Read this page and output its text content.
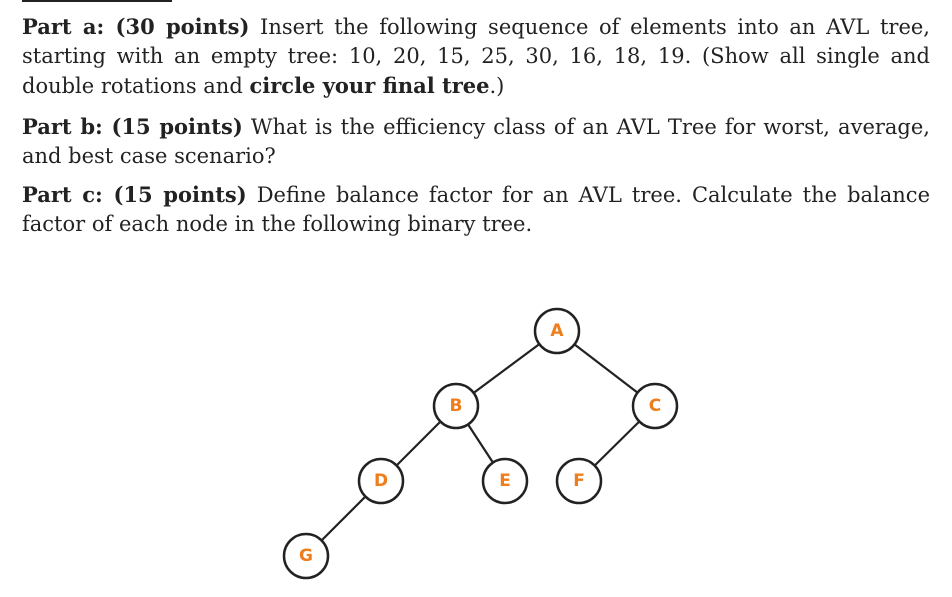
Part a: (30 points) Insert the following sequence of elements into an AVL tree, starting with an empty tree: 10, 20, 15, 25, 30, 16, 18, 19. (Show all single and double rotations and circle your final tree.)

Part b: (15 points) What is the efficiency class of an AVL Tree for worst, average, and best case scenario?

Part c: (15 points) Define balance factor for an AVL tree. Calculate the balance factor of each node in the following binary tree.

A
B	C
D	E	F
G
